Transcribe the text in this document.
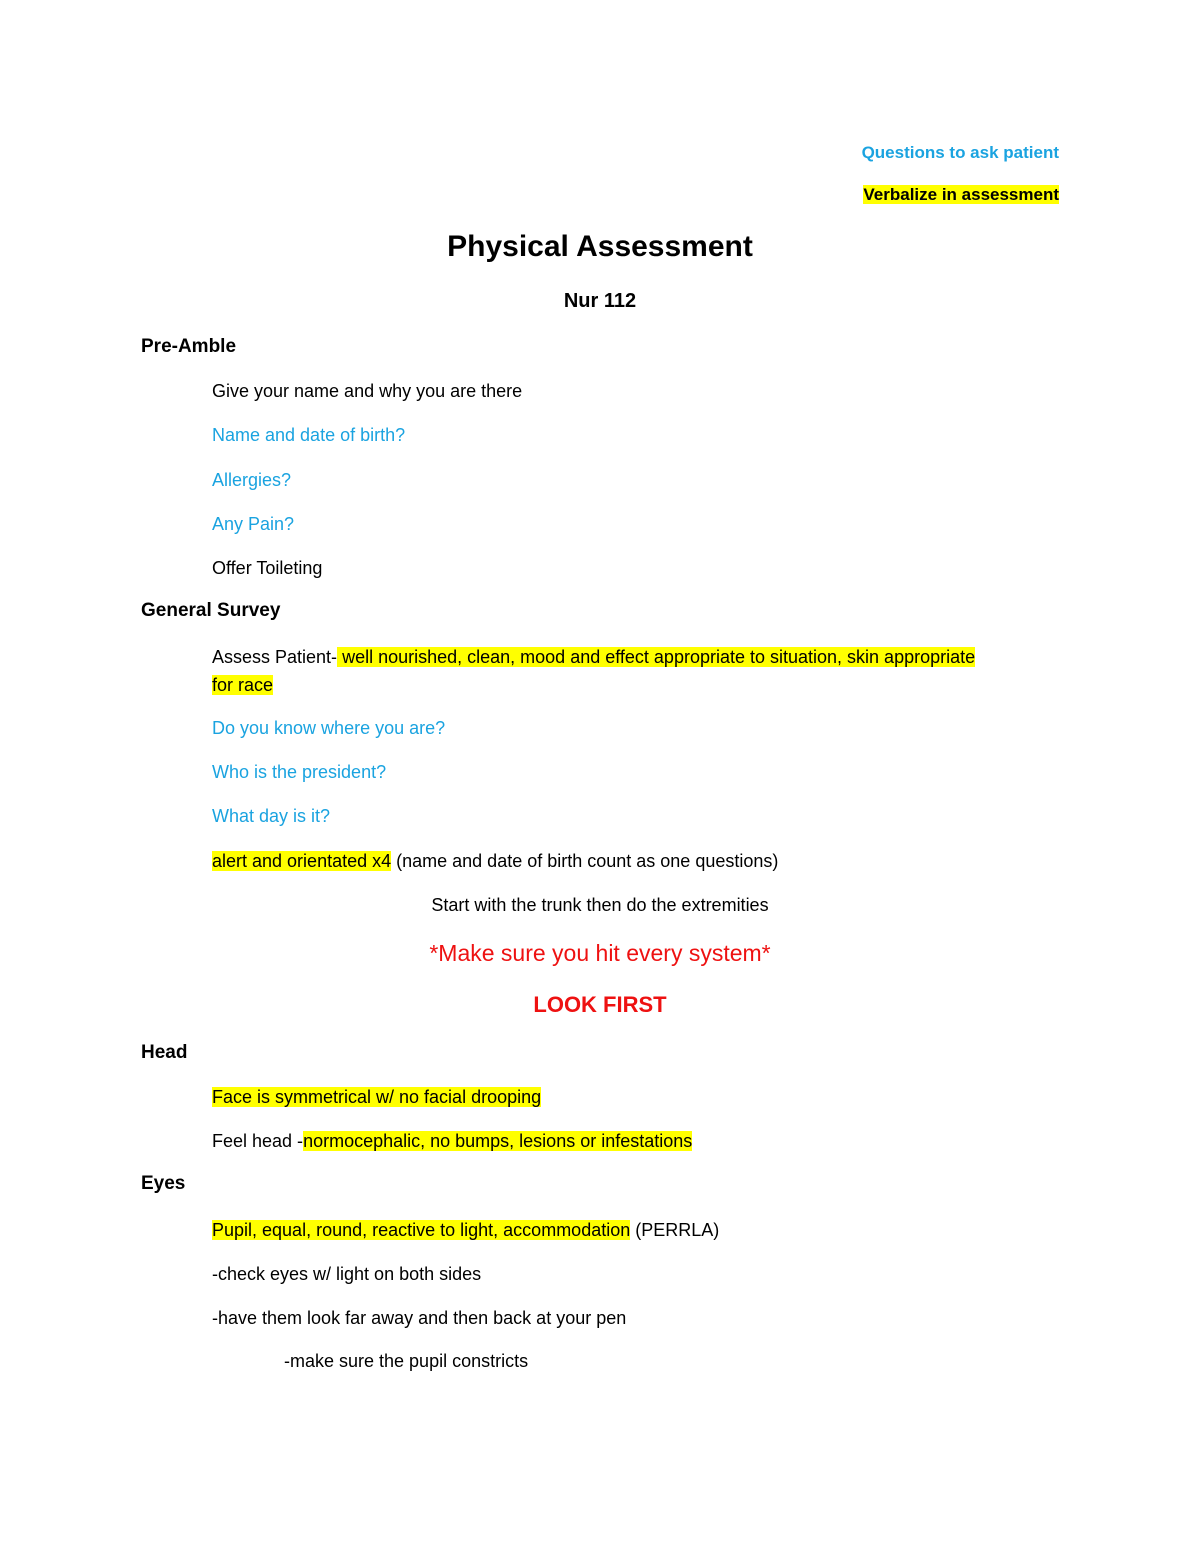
Questions to ask patient
Verbalize in assessment
Physical Assessment
Nur 112
Pre-Amble
Give your name and why you are there
Name and date of birth?
Allergies?
Any Pain?
Offer Toileting
General Survey
Assess Patient- well nourished, clean, mood and effect appropriate to situation, skin appropriate
for race
Do you know where you are?
Who is the president?
What day is it?
alert and orientated x4 (name and date of birth count as one questions)
Start with the trunk then do the extremities
*Make sure you hit every system*
LOOK FIRST
Head
Face is symmetrical w/ no facial drooping
Feel head -normocephalic, no bumps, lesions or infestations
Eyes
Pupil, equal, round, reactive to light, accommodation (PERRLA)
-check eyes w/ light on both sides
-have them look far away and then back at your pen
-make sure the pupil constricts
